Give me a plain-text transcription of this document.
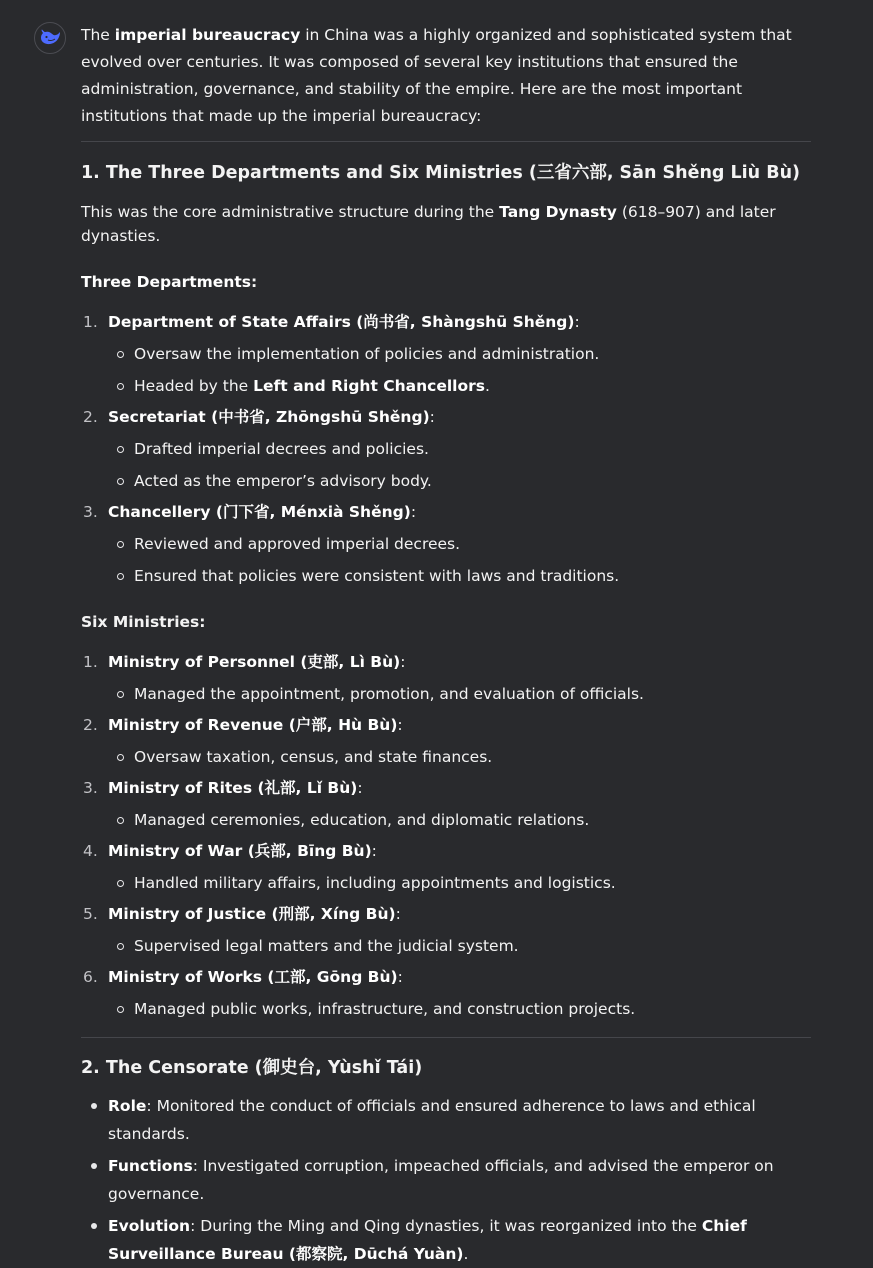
The imperial bureaucracy in China was a highly organized and sophisticated system that evolved over centuries. It was composed of several key institutions that ensured the administration, governance, and stability of the empire. Here are the most important institutions that made up the imperial bureaucracy:

1. The Three Departments and Six Ministries (三省六部, Sān Shěng Liù Bù)

This was the core administrative structure during the Tang Dynasty (618–907) and later dynasties.

Three Departments:

1. Department of State Affairs (尚书省, Shàngshū Shěng):
Oversaw the implementation of policies and administration.
Headed by the Left and Right Chancellors.
2. Secretariat (中书省, Zhōngshū Shěng):
Drafted imperial decrees and policies.
Acted as the emperor’s advisory body.
3. Chancellery (门下省, Ménxià Shěng):
Reviewed and approved imperial decrees.
Ensured that policies were consistent with laws and traditions.

Six Ministries:

1. Ministry of Personnel (吏部, Lì Bù):
Managed the appointment, promotion, and evaluation of officials.
2. Ministry of Revenue (户部, Hù Bù):
Oversaw taxation, census, and state finances.
3. Ministry of Rites (礼部, Lǐ Bù):
Managed ceremonies, education, and diplomatic relations.
4. Ministry of War (兵部, Bīng Bù):
Handled military affairs, including appointments and logistics.
5. Ministry of Justice (刑部, Xíng Bù):
Supervised legal matters and the judicial system.
6. Ministry of Works (工部, Gōng Bù):
Managed public works, infrastructure, and construction projects.
2. The Censorate (御史台, Yùshǐ Tái)
Role: Monitored the conduct of officials and ensured adherence to laws and ethical standards.
Functions: Investigated corruption, impeached officials, and advised the emperor on governance.
Evolution: During the Ming and Qing dynasties, it was reorganized into the Chief Surveillance Bureau (都察院, Dūchá Yuàn).
